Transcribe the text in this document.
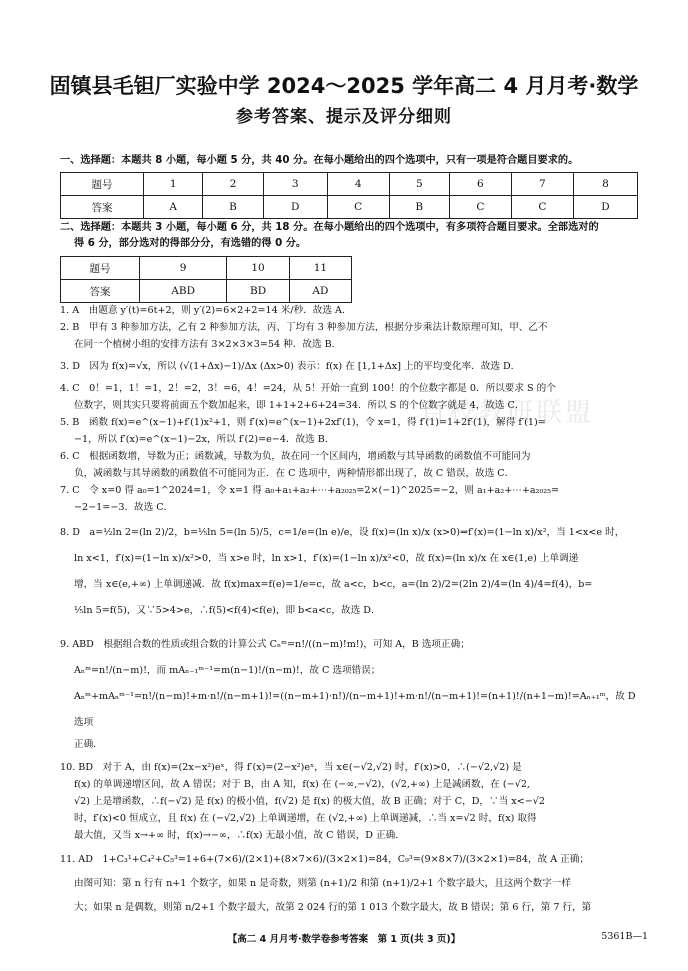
固镇县毛钽厂实验中学 2024～2025 学年高二 4 月月考·数学
参考答案、提示及评分细则
一、选择题：本题共 8 小题，每小题 5 分，共 40 分。在每小题给出的四个选项中，只有一项是符合题目要求的。
题号	1	2	3	4	5	6	7	8
答案	A	B	D	C	B	C	C	D
二、选择题：本题共 3 小题，每小题 6 分，共 18 分。在每小题给出的四个选项中，有多项符合题目要求。全部选对的
得 6 分，部分选对的得部分分，有选错的得 0 分。
题号	9	10	11
答案	ABD	BD	AD
百校教研联盟

1. A　由题意 y′(t)=6t+2，则 y′(2)=6×2+2=14 米/秒．故选 A．

2. B　甲有 3 种参加方法，乙有 2 种参加方法，丙、丁均有 3 种参加方法，根据分步乘法计数原理可知，甲、乙不

在同一个植树小组的安排方法有 3×2×3×3=54 种．故选 B．

3. D　因为 f(x)=√x，所以 (√(1+Δx)−1)/Δx (Δx>0) 表示：f(x) 在 [1,1+Δx] 上的平均变化率．故选 D．

4. C　0！=1，1！=1，2！=2，3！=6，4！=24，从 5！开始一直到 100！的个位数字都是 0．所以要求 S 的个

位数字，则其实只要将前面五个数加起来，即 1+1+2+6+24=34．所以 S 的个位数字就是 4，故选 C．

5. B　函数 f(x)=e^(x−1)+f′(1)x²+1，则 f′(x)=e^(x−1)+2xf′(1)，令 x=1，得 f′(1)=1+2f′(1)，解得 f′(1)=

−1，所以 f′(x)=e^(x−1)−2x，所以 f′(2)=e−4．故选 B．

6. C　根据函数增，导数为正；函数减，导数为负，故在同一个区间内，增函数与其导函数的函数值不可能同为

负，减函数与其导函数的函数值不可能同为正．在 C 选项中，两种情形都出现了，故 C 错误，故选 C．

7. C　令 x=0 得 a₀=1^2024=1，令 x=1 得 a₀+a₁+a₂+⋯+a₂₀₂₅=2×(−1)^2025=−2，则 a₁+a₂+⋯+a₂₀₂₅=

−2−1=−3．故选 C．

8. D　a=½ln 2=(ln 2)/2，b=⅕ln 5=(ln 5)/5，c=1/e=(ln e)/e，设 f(x)=(ln x)/x (x>0)⇒f′(x)=(1−ln x)/x²，当 1<x<e 时，

ln x<1，f′(x)=(1−ln x)/x²>0，当 x>e 时，ln x>1，f′(x)=(1−ln x)/x²<0，故 f(x)=(ln x)/x 在 x∈(1,e) 上单调递

增，当 x∈(e,+∞) 上单调递减．故 f(x)max=f(e)=1/e=c，故 a<c，b<c，a=(ln 2)/2=(2ln 2)/4=(ln 4)/4=f(4)，b=

⅕ln 5=f(5)，又∵5>4>e，∴f(5)<f(4)<f(e)，即 b<a<c，故选 D．

9. ABD　根据组合数的性质或组合数的计算公式 Cₙᵐ=n!/((n−m)!m!)，可知 A，B 选项正确；

Aₙᵐ=n!/(n−m)!，而 mAₙ₋₁ᵐ⁻¹=m(n−1)!/(n−m)!，故 C 选项错误；

Aₙᵐ+mAₙᵐ⁻¹=n!/(n−m)!+m·n!/(n−m+1)!=((n−m+1)·n!)/(n−m+1)!+m·n!/(n−m+1)!=(n+1)!/(n+1−m)!=Aₙ₊₁ᵐ，故 D 选项

正确．

10. BD　对于 A，由 f(x)=(2x−x²)eˣ，得 f′(x)=(2−x²)eˣ，当 x∈(−√2,√2) 时，f′(x)>0，∴(−√2,√2) 是

f(x) 的单调递增区间，故 A 错误；对于 B，由 A 知，f(x) 在 (−∞,−√2)，(√2,+∞) 上是减函数，在 (−√2,

√2) 上是增函数，∴f(−√2) 是 f(x) 的极小值，f(√2) 是 f(x) 的极大值，故 B 正确；对于 C，D，∵当 x<−√2

时，f′(x)<0 恒成立，且 f(x) 在 (−√2,√2) 上单调递增，在 (√2,+∞) 上单调递减，∴当 x=√2 时，f(x) 取得

最大值，又当 x→+∞ 时，f(x)→−∞，∴f(x) 无最小值，故 C 错误，D 正确．

11. AD　1+C₃¹+C₄²+C₅³=1+6+(7×6)/(2×1)+(8×7×6)/(3×2×1)=84，C₉³=(9×8×7)/(3×2×1)=84，故 A 正确；

由图可知：第 n 行有 n+1 个数字，如果 n 是奇数，则第 (n+1)/2 和第 (n+1)/2+1 个数字最大，且这两个数字一样

大；如果 n 是偶数，则第 n/2+1 个数字最大，故第 2 024 行的第 1 013 个数字最大，故 B 错误；第 6 行，第 7 行，第

【高二 4 月月考·数学卷参考答案　第 1 页(共 3 页)】	5361B—1
